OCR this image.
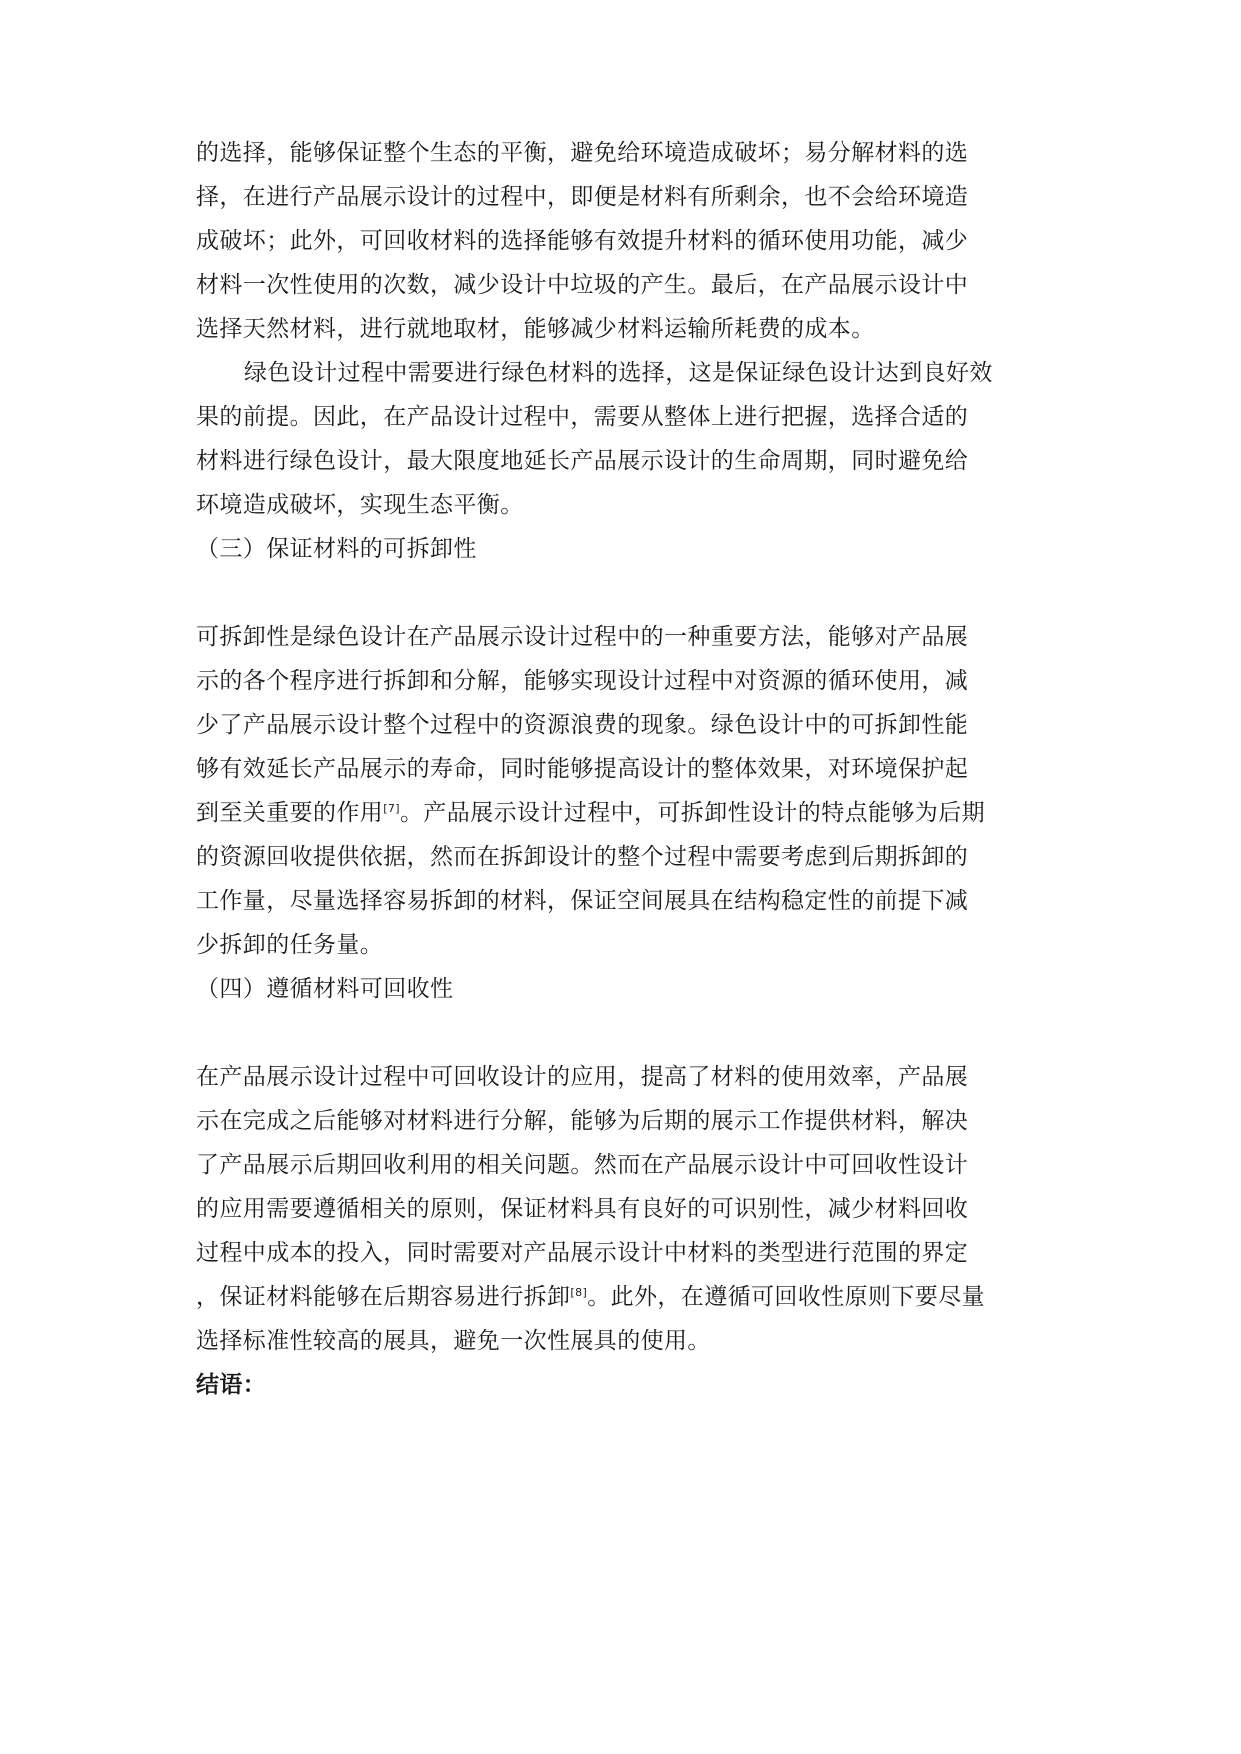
的选择，能够保证整个生态的平衡，避免给环境造成破坏；易分解材料的选
择，在进行产品展示设计的过程中，即便是材料有所剩余，也不会给环境造
成破坏；此外，可回收材料的选择能够有效提升材料的循环使用功能，减少
材料一次性使用的次数，减少设计中垃圾的产生。最后，在产品展示设计中
选择天然材料，进行就地取材，能够减少材料运输所耗费的成本。
绿色设计过程中需要进行绿色材料的选择，这是保证绿色设计达到良好效
果的前提。因此，在产品设计过程中，需要从整体上进行把握，选择合适的
材料进行绿色设计，最大限度地延长产品展示设计的生命周期，同时避免给
环境造成破坏，实现生态平衡。
（三）保证材料的可拆卸性
可拆卸性是绿色设计在产品展示设计过程中的一种重要方法，能够对产品展
示的各个程序进行拆卸和分解，能够实现设计过程中对资源的循环使用，减
少了产品展示设计整个过程中的资源浪费的现象。绿色设计中的可拆卸性能
够有效延长产品展示的寿命，同时能够提高设计的整体效果，对环境保护起
到至关重要的作用[7]。产品展示设计过程中，可拆卸性设计的特点能够为后期
的资源回收提供依据，然而在拆卸设计的整个过程中需要考虑到后期拆卸的
工作量，尽量选择容易拆卸的材料，保证空间展具在结构稳定性的前提下减
少拆卸的任务量。
（四）遵循材料可回收性
在产品展示设计过程中可回收设计的应用，提高了材料的使用效率，产品展
示在完成之后能够对材料进行分解，能够为后期的展示工作提供材料，解决
了产品展示后期回收利用的相关问题。然而在产品展示设计中可回收性设计
的应用需要遵循相关的原则，保证材料具有良好的可识别性，减少材料回收
过程中成本的投入，同时需要对产品展示设计中材料的类型进行范围的界定
，保证材料能够在后期容易进行拆卸[8]。此外，在遵循可回收性原则下要尽量
选择标准性较高的展具，避免一次性展具的使用。
结语：
